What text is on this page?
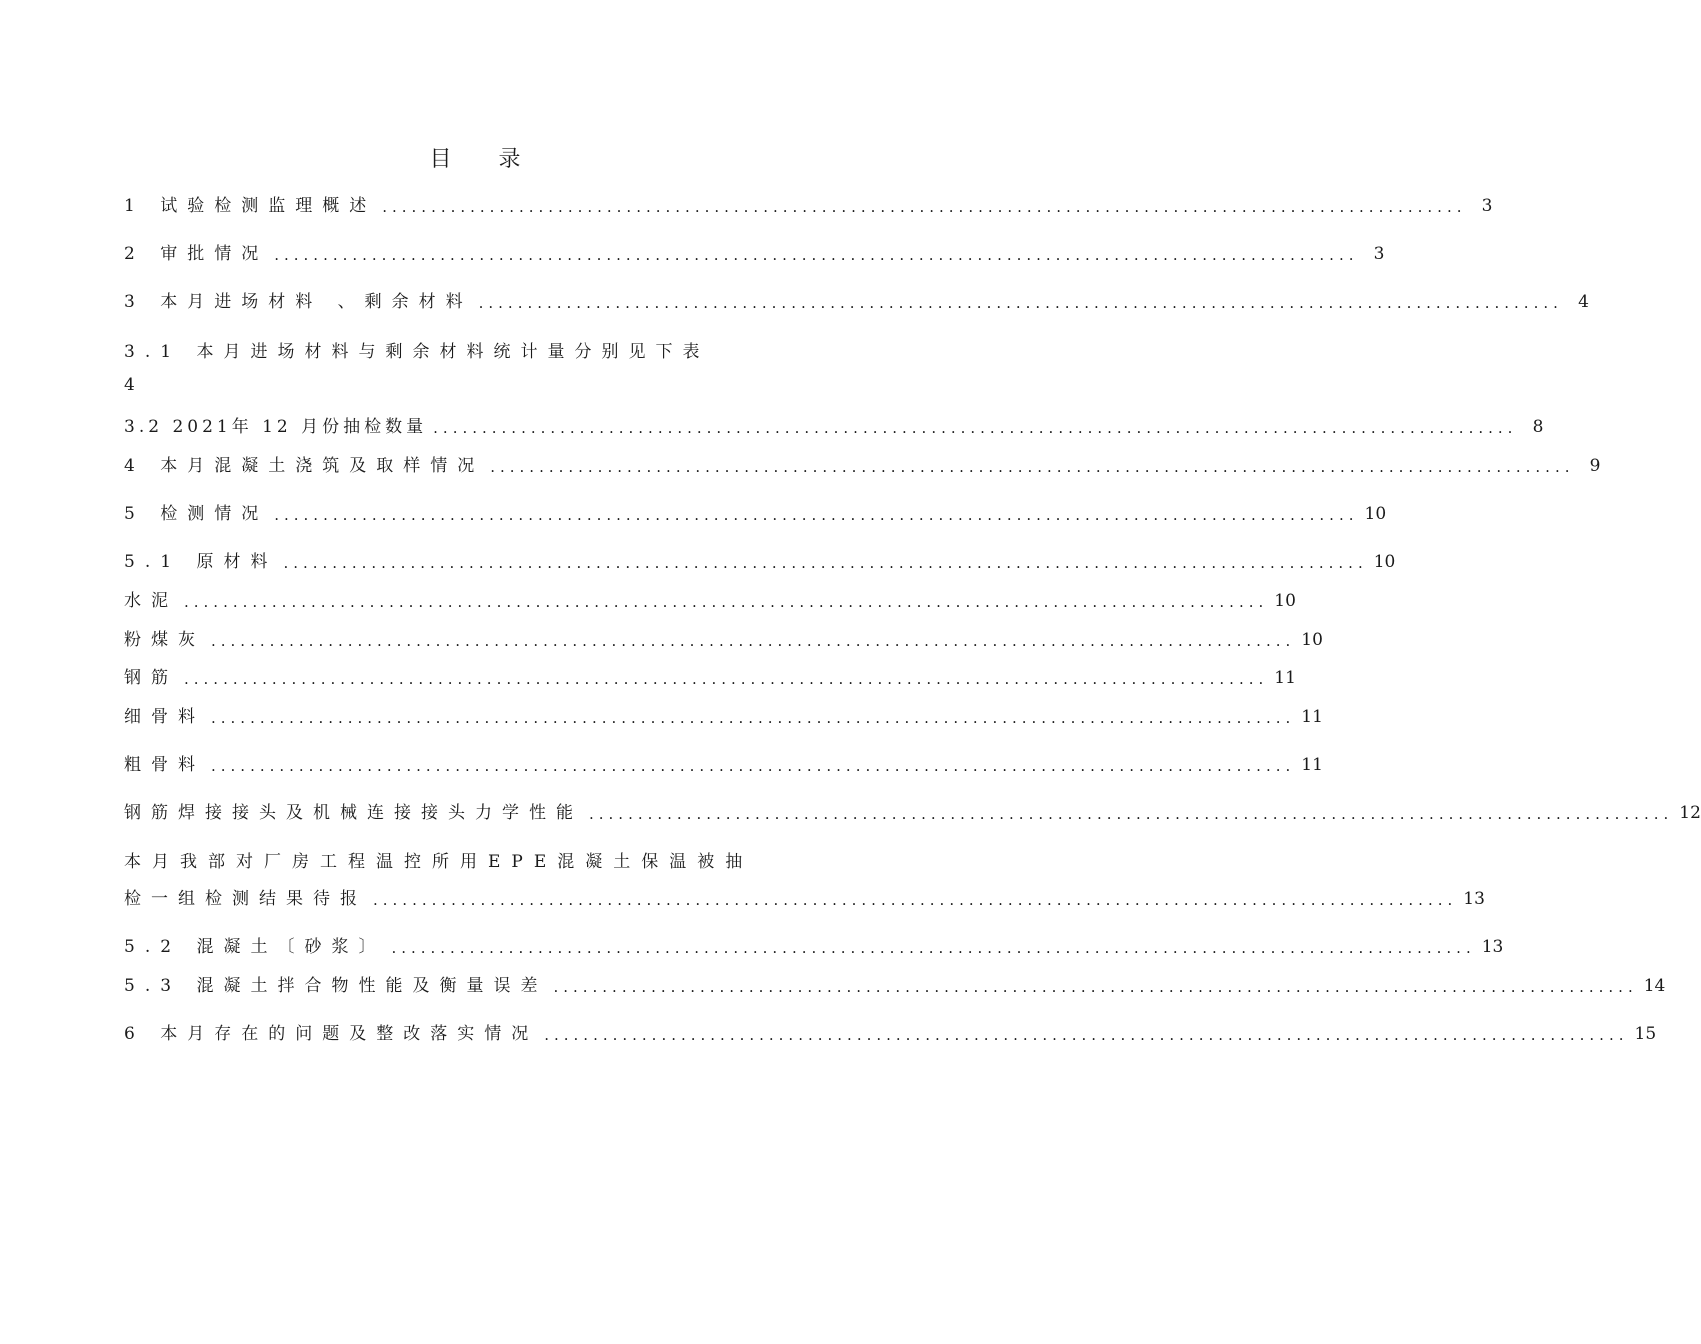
目 录
1 试验检测监理概述 ............................................................................................................... 3
2 审批情况 ............................................................................................................... 3
3 本月进场材料 、剩余材料 ............................................................................................................... 4
3.1 本月进场材料与剩余材料统计量分别见下表
4
3.2 2021年 12 月份抽检数量 ............................................................................................................... 8
4 本月混凝土浇筑及取样情况 ............................................................................................................... 9
5 检测情况 ............................................................................................................... 10
5.1 原材料 ............................................................................................................... 10
水泥 ............................................................................................................... 10
粉煤灰 ............................................................................................................... 10
钢筋 ............................................................................................................... 11
细骨料 ............................................................................................................... 11
粗骨料 ............................................................................................................... 11
钢筋焊接接头及机械连接接头力学性能 ............................................................................................................... 12
本月我部对厂房工程温控所用EPE混凝土保温被抽
检一组检测结果待报 ............................................................................................................... 13
5.2 混凝土〔砂浆〕 ............................................................................................................... 13
5.3 混凝土拌合物性能及衡量误差 ............................................................................................................... 14
6 本月存在的问题及整改落实情况 ............................................................................................................... 15
